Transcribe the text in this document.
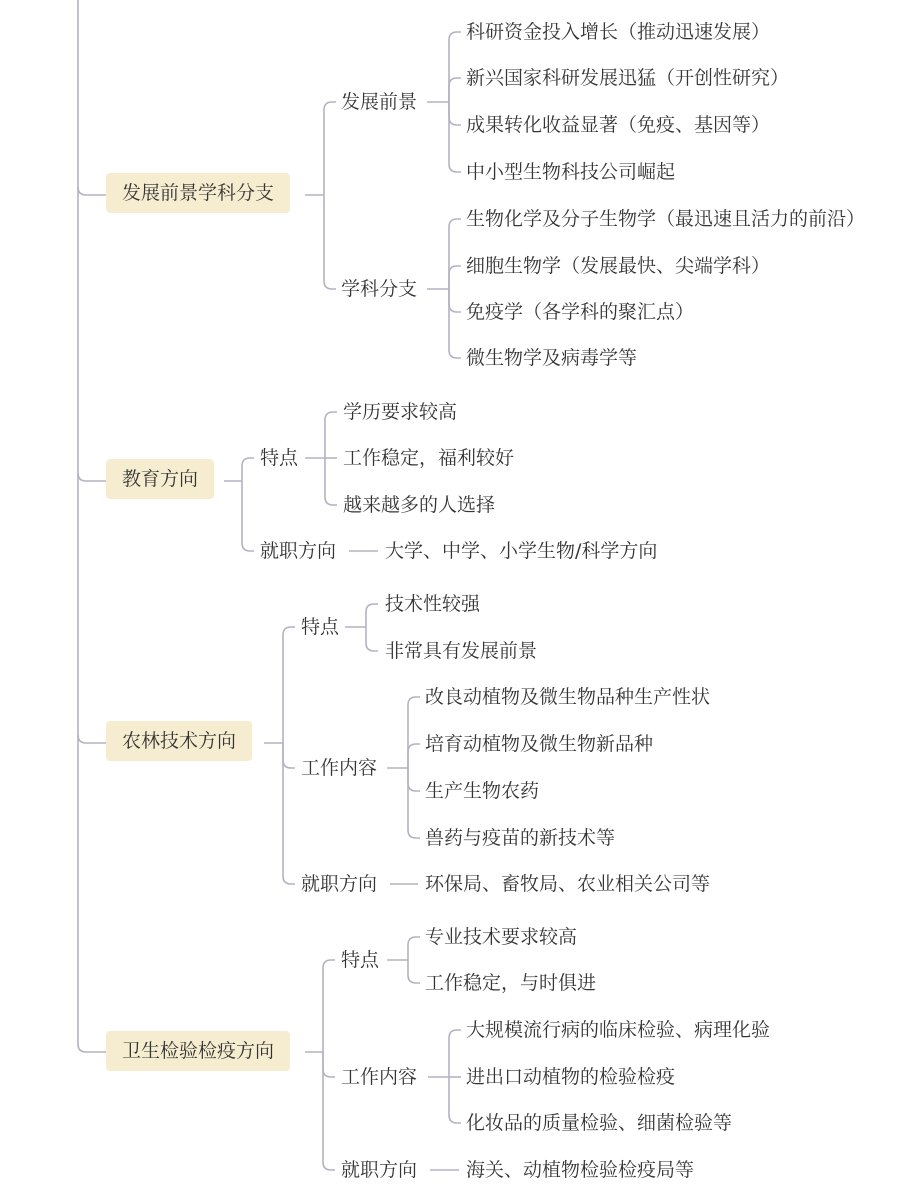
发展前景学科分支
发展前景
科研资金投入增长（推动迅速发展）
新兴国家科研发展迅猛（开创性研究）
成果转化收益显著（免疫、基因等）
中小型生物科技公司崛起
学科分支
生物化学及分子生物学（最迅速且活力的前沿）
细胞生物学（发展最快、尖端学科）
免疫学（各学科的聚汇点）
微生物学及病毒学等
教育方向
特点
学历要求较高
工作稳定，福利较好
越来越多的人选择
就职方向	大学、中学、小学生物/科学方向
农林技术方向
特点
技术性较强
非常具有发展前景
工作内容
改良动植物及微生物品种生产性状
培育动植物及微生物新品种
生产生物农药
兽药与疫苗的新技术等
就职方向	环保局、畜牧局、农业相关公司等
卫生检验检疫方向
特点
专业技术要求较高
工作稳定，与时俱进
工作内容
大规模流行病的临床检验、病理化验
进出口动植物的检验检疫
化妆品的质量检验、细菌检验等
就职方向	海关、动植物检验检疫局等
